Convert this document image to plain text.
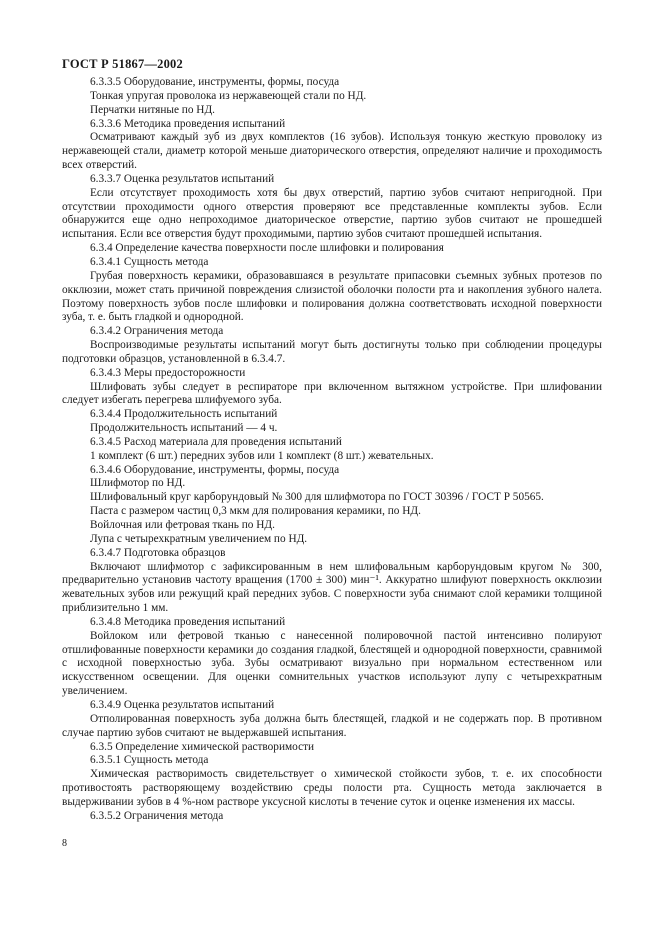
ГОСТ Р 51867—2002

6.3.3.5 Оборудование, инструменты, формы, посуда

Тонкая упругая проволока из нержавеющей стали по НД.

Перчатки нитяные по НД.

6.3.3.6 Методика проведения испытаний

Осматривают каждый зуб из двух комплектов (16 зубов). Используя тонкую жесткую проволоку из нержавеющей стали, диаметр которой меньше диаторического отверстия, определяют наличие и проходимость всех отверстий.

6.3.3.7 Оценка результатов испытаний

Если отсутствует проходимость хотя бы двух отверстий, партию зубов считают непригодной. При отсутствии проходимости одного отверстия проверяют все представленные комплекты зубов. Если обнаружится еще одно непроходимое диаторическое отверстие, партию зубов считают не прошедшей испытания. Если все отверстия будут проходимыми, партию зубов считают прошедшей испытания.

6.3.4 Определение качества поверхности после шлифовки и полирования

6.3.4.1 Сущность метода

Грубая поверхность керамики, образовавшаяся в результате припасовки съемных зубных протезов по окклюзии, может стать причиной повреждения слизистой оболочки полости рта и накопления зубного налета. Поэтому поверхность зубов после шлифовки и полирования должна соответствовать исходной поверхности зуба, т. е. быть гладкой и однородной.

6.3.4.2 Ограничения метода

Воспроизводимые результаты испытаний могут быть достигнуты только при соблюдении процедуры подготовки образцов, установленной в 6.3.4.7.

6.3.4.3 Меры предосторожности

Шлифовать зубы следует в респираторе при включенном вытяжном устройстве. При шлифовании следует избегать перегрева шлифуемого зуба.

6.3.4.4 Продолжительность испытаний

Продолжительность испытаний — 4 ч.

6.3.4.5 Расход материала для проведения испытаний

1 комплект (6 шт.) передних зубов или 1 комплект (8 шт.) жевательных.

6.3.4.6 Оборудование, инструменты, формы, посуда

Шлифмотор по НД.

Шлифовальный круг карборундовый № 300 для шлифмотора по ГОСТ 30396 / ГОСТ Р 50565.

Паста с размером частиц 0,3 мкм для полирования керамики, по НД.

Войлочная или фетровая ткань по НД.

Лупа с четырехкратным увеличением по НД.

6.3.4.7 Подготовка образцов

Включают шлифмотор с зафиксированным в нем шлифовальным карборундовым кругом № 300, предварительно установив частоту вращения (1700 ± 300) мин⁻¹. Аккуратно шлифуют поверхность окклюзии жевательных зубов или режущий край передних зубов. С поверхности зуба снимают слой керамики толщиной приблизительно 1 мм.

6.3.4.8 Методика проведения испытаний

Войлоком или фетровой тканью с нанесенной полировочной пастой интенсивно полируют отшлифованные поверхности керамики до создания гладкой, блестящей и однородной поверхности, сравнимой с исходной поверхностью зуба. Зубы осматривают визуально при нормальном естественном или искусственном освещении. Для оценки сомнительных участков используют лупу с четырехкратным увеличением.

6.3.4.9 Оценка результатов испытаний

Отполированная поверхность зуба должна быть блестящей, гладкой и не содержать пор. В противном случае партию зубов считают не выдержавшей испытания.

6.3.5 Определение химической растворимости

6.3.5.1 Сущность метода

Химическая растворимость свидетельствует о химической стойкости зубов, т. е. их способности противостоять растворяющему воздействию среды полости рта. Сущность метода заключается в выдерживании зубов в 4 %-ном растворе уксусной кислоты в течение суток и оценке изменения их массы.

6.3.5.2 Ограничения метода

8
